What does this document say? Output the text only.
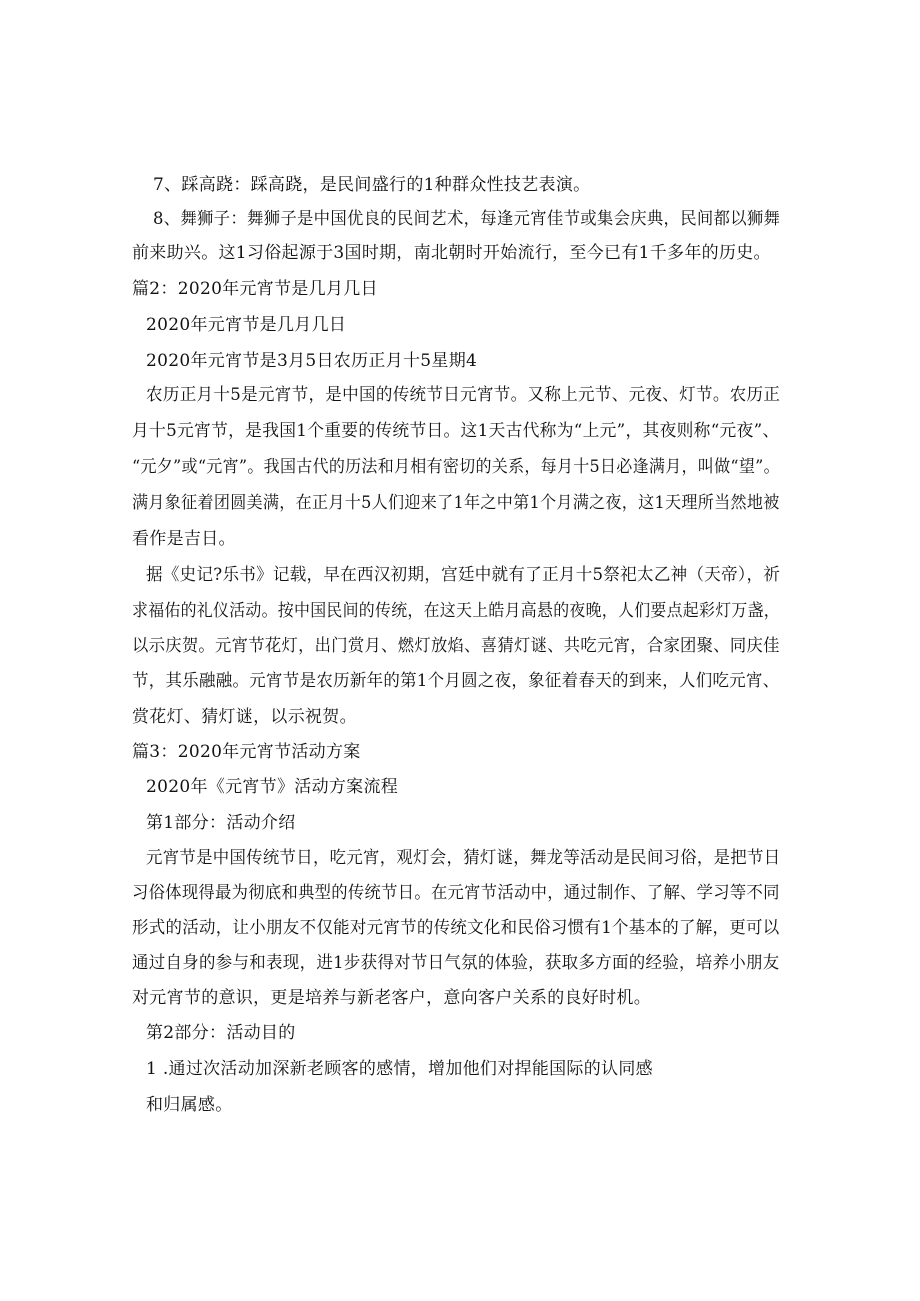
7、踩高跷：踩高跷，是民间盛行的1种群众性技艺表演。
8、舞狮子：舞狮子是中国优良的民间艺术，每逢元宵佳节或集会庆典，民间都以狮舞
前来助兴。这1习俗起源于3国时期，南北朝时开始流行，至今已有1千多年的历史。
篇2：2020年元宵节是几月几日
2020年元宵节是几月几日
2020年元宵节是3月5日农历正月十5星期4
农历正月十5是元宵节，是中国的传统节日元宵节。又称上元节、元夜、灯节。农历正
月十5元宵节，是我国1个重要的传统节日。这1天古代称为“上元”，其夜则称“元夜”、
“元夕”或“元宵”。我国古代的历法和月相有密切的关系，每月十5日必逢满月，叫做“望”。
满月象征着团圆美满，在正月十5人们迎来了1年之中第1个月满之夜，这1天理所当然地被
看作是吉日。
据《史记?乐书》记载，早在西汉初期，宫廷中就有了正月十5祭祀太乙神（天帝），祈
求福佑的礼仪活动。按中国民间的传统，在这天上皓月高悬的夜晚，人们要点起彩灯万盏，
以示庆贺。元宵节花灯，出门赏月、燃灯放焰、喜猜灯谜、共吃元宵，合家团聚、同庆佳
节，其乐融融。元宵节是农历新年的第1个月圆之夜，象征着春天的到来，人们吃元宵、
赏花灯、猜灯谜，以示祝贺。
篇3：2020年元宵节活动方案
2020年《元宵节》活动方案流程
第1部分：活动介绍
元宵节是中国传统节日，吃元宵，观灯会，猜灯谜，舞龙等活动是民间习俗，是把节日
习俗体现得最为彻底和典型的传统节日。在元宵节活动中，通过制作、了解、学习等不同
形式的活动，让小朋友不仅能对元宵节的传统文化和民俗习惯有1个基本的了解，更可以
通过自身的参与和表现，进1步获得对节日气氛的体验，获取多方面的经验，培养小朋友
对元宵节的意识，更是培养与新老客户，意向客户关系的良好时机。
第2部分：活动目的
1 .通过次活动加深新老顾客的感情，增加他们对捍能国际的认同感
和归属感。
